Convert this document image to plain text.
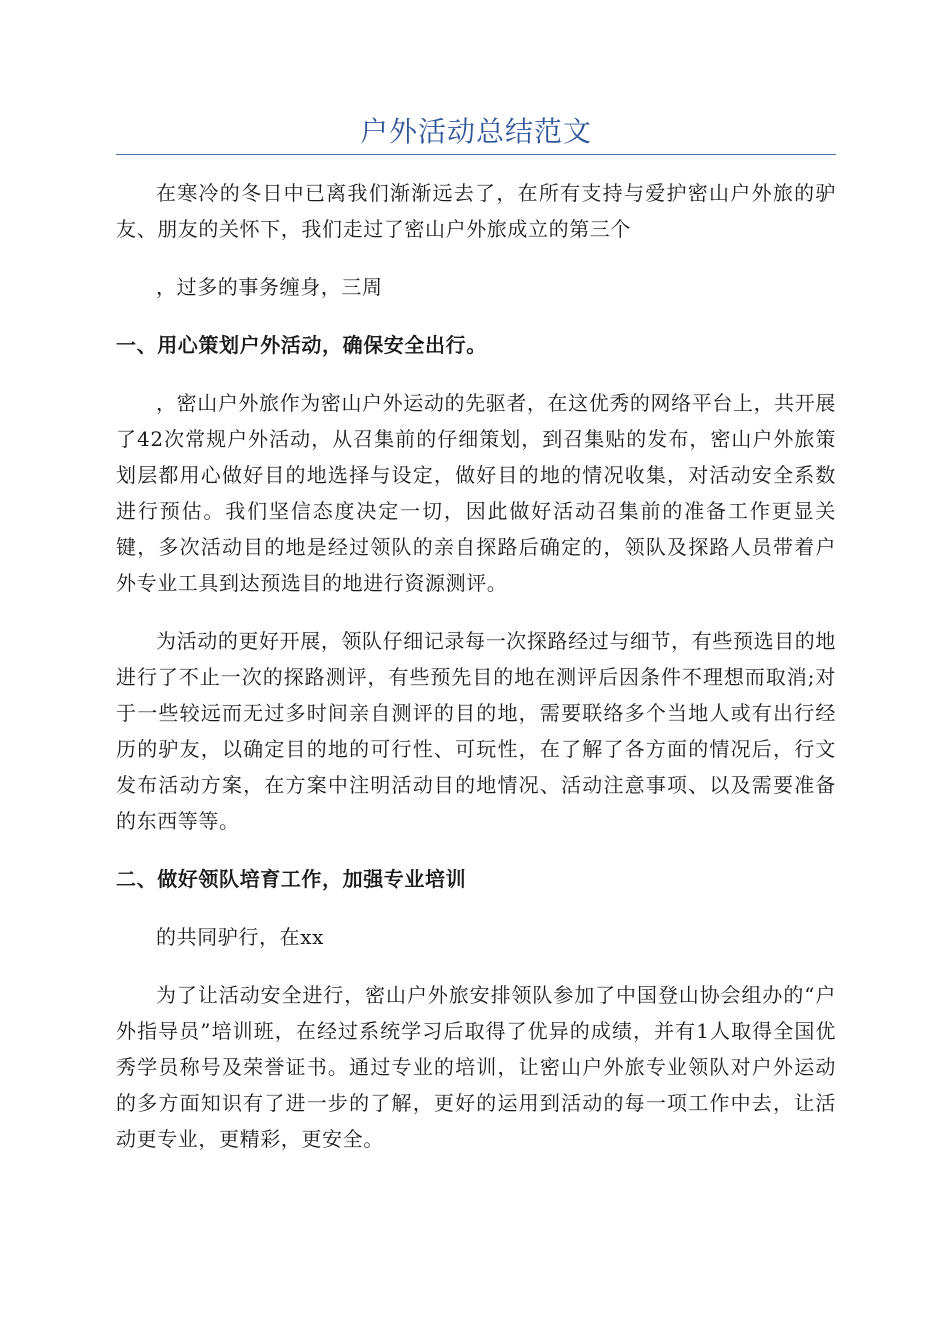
户外活动总结范文

在寒冷的冬日中已离我们渐渐远去了，在所有支持与爱护密山户外旅的驴友、朋友的关怀下，我们走过了密山户外旅成立的第三个

，过多的事务缠身，三周

一、用心策划户外活动，确保安全出行。

，密山户外旅作为密山户外运动的先驱者，在这优秀的网络平台上，共开展了42次常规户外活动，从召集前的仔细策划，到召集贴的发布，密山户外旅策划层都用心做好目的地选择与设定，做好目的地的情况收集，对活动安全系数进行预估。我们坚信态度决定一切，因此做好活动召集前的准备工作更显关键，多次活动目的地是经过领队的亲自探路后确定的，领队及探路人员带着户外专业工具到达预选目的地进行资源测评。

为活动的更好开展，领队仔细记录每一次探路经过与细节，有些预选目的地进行了不止一次的探路测评，有些预先目的地在测评后因条件不理想而取消;对于一些较远而无过多时间亲自测评的目的地，需要联络多个当地人或有出行经历的驴友，以确定目的地的可行性、可玩性，在了解了各方面的情况后，行文发布活动方案，在方案中注明活动目的地情况、活动注意事项、以及需要准备的东西等等。

二、做好领队培育工作，加强专业培训

的共同驴行，在xx

为了让活动安全进行，密山户外旅安排领队参加了中国登山协会组办的“户外指导员”培训班，在经过系统学习后取得了优异的成绩，并有1人取得全国优秀学员称号及荣誉证书。通过专业的培训，让密山户外旅专业领队对户外运动的多方面知识有了进一步的了解，更好的运用到活动的每一项工作中去，让活动更专业，更精彩，更安全。
